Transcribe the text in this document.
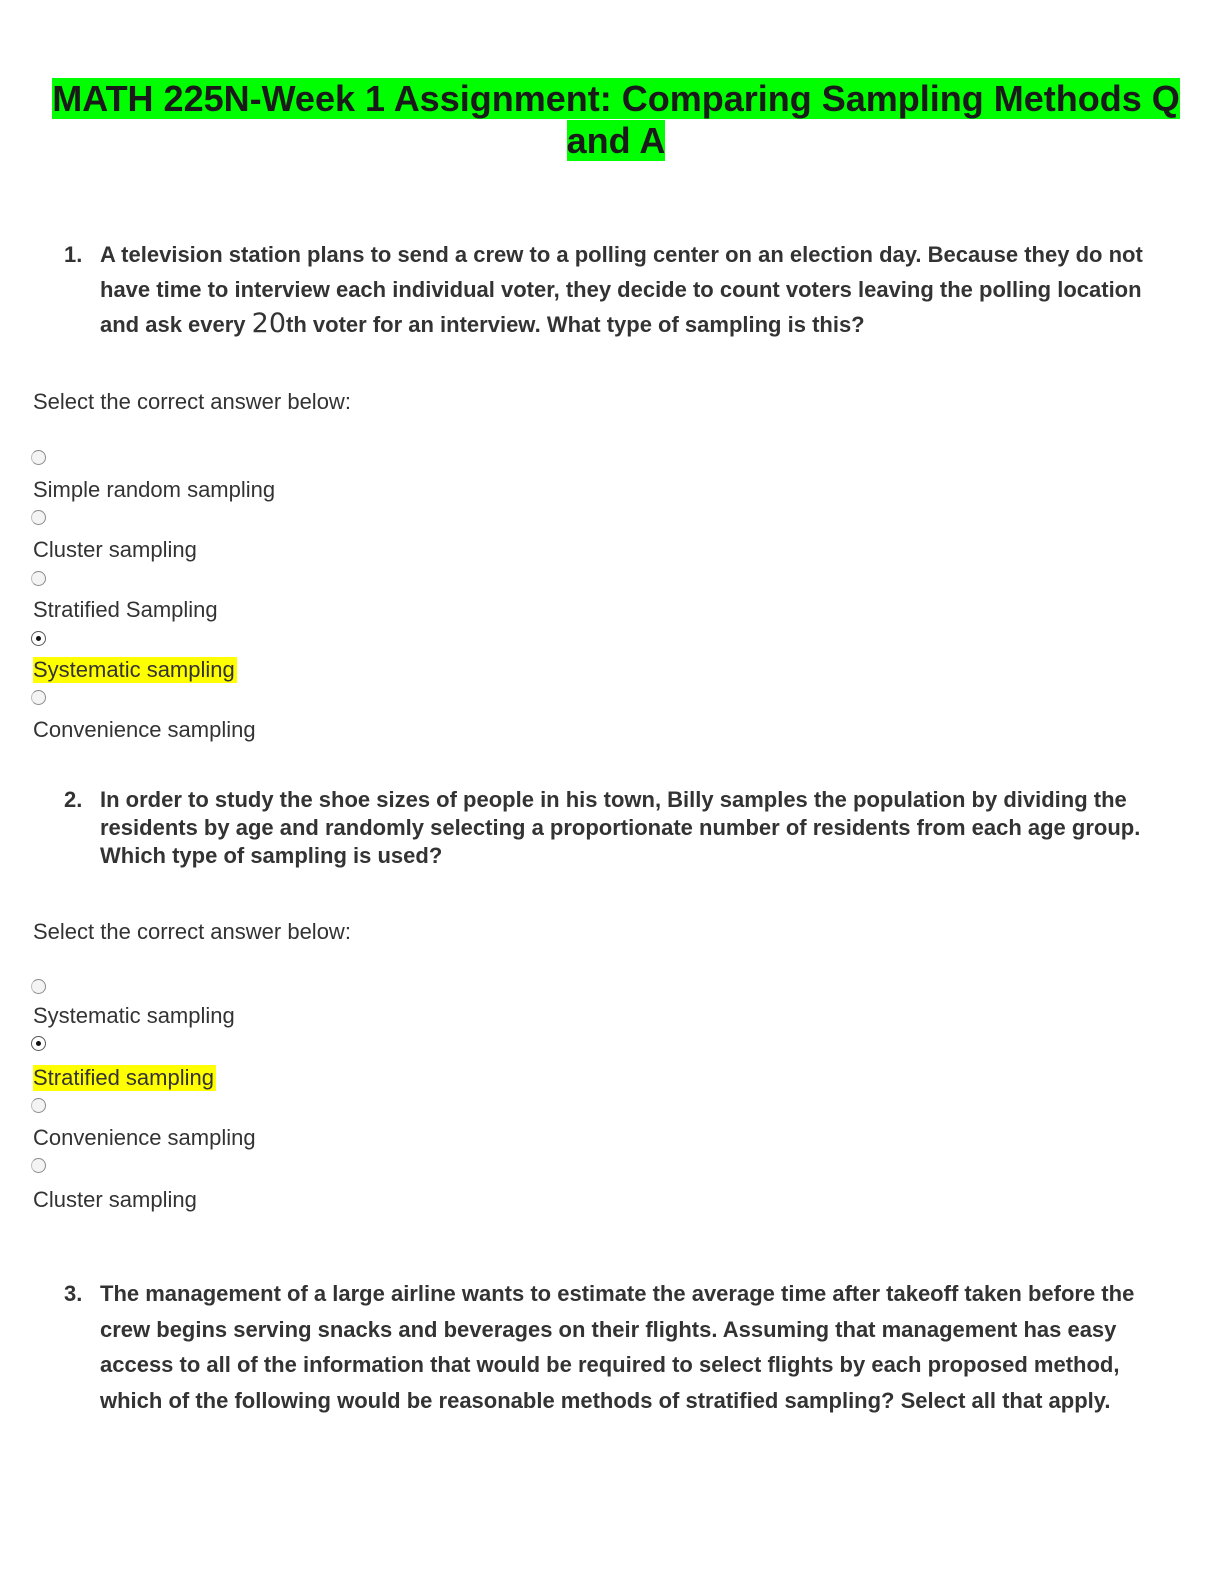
MATH 225N-Week 1 Assignment: Comparing Sampling Methods Q and A
1. A television station plans to send a crew to a polling center on an election day. Because they do not have time to interview each individual voter, they decide to count voters leaving the polling location and ask every 20th voter for an interview. What type of sampling is this?
Select the correct answer below:
Simple random sampling
Cluster sampling
Stratified Sampling
Systematic sampling
Convenience sampling
2. In order to study the shoe sizes of people in his town, Billy samples the population by dividing the residents by age and randomly selecting a proportionate number of residents from each age group. Which type of sampling is used?
Select the correct answer below:
Systematic sampling
Stratified sampling
Convenience sampling
Cluster sampling
3. The management of a large airline wants to estimate the average time after takeoff taken before the crew begins serving snacks and beverages on their flights. Assuming that management has easy access to all of the information that would be required to select flights by each proposed method, which of the following would be reasonable methods of stratified sampling? Select all that apply.
